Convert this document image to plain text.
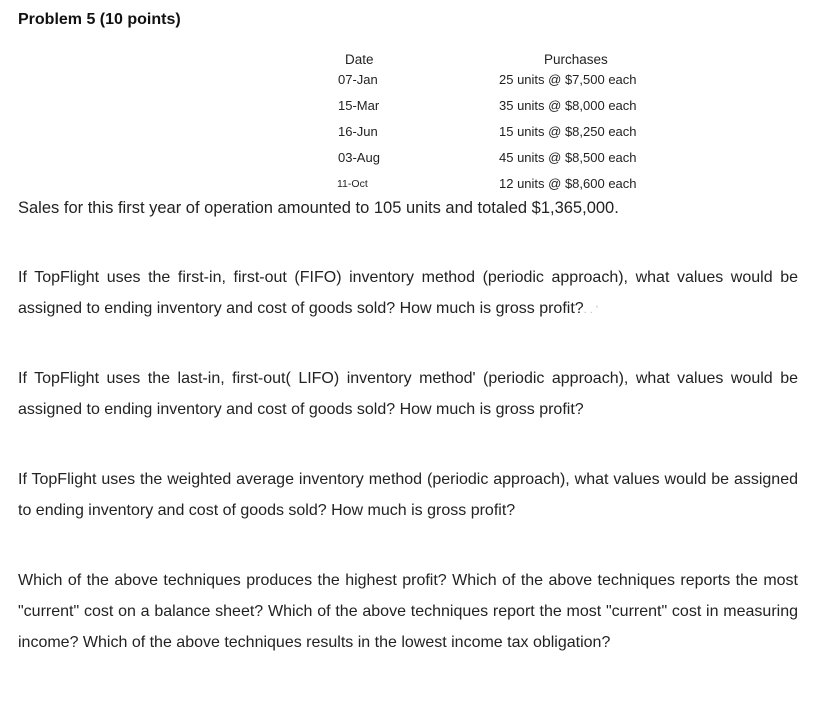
Problem 5 (10 points)
Date	Purchases
07-Jan	25 units @ $7,500 each
15-Mar	35 units @ $8,000 each
16-Jun	15 units @ $8,250 each
03-Aug	45 units @ $8,500 each
11-Oct	12 units @ $8,600 each

Sales for this first year of operation amounted to 105 units and totaled $1,365,000.

If TopFlight uses the first-in, first-out (FIFO) inventory method (periodic approach), what values would be assigned to ending inventory and cost of goods sold? How much is gross profit?. . '

If TopFlight uses the last-in, first-out( LIFO) inventory method' (periodic approach), what values would be assigned to ending inventory and cost of goods sold? How much is gross profit?

If TopFlight uses the weighted average inventory method (periodic approach), what values would be assigned to ending inventory and cost of goods sold? How much is gross profit?

Which of the above techniques produces the highest profit? Which of the above techniques reports the most "current" cost on a balance sheet? Which of the above techniques report the most "current" cost in measuring income? Which of the above techniques results in the lowest income tax obligation?
